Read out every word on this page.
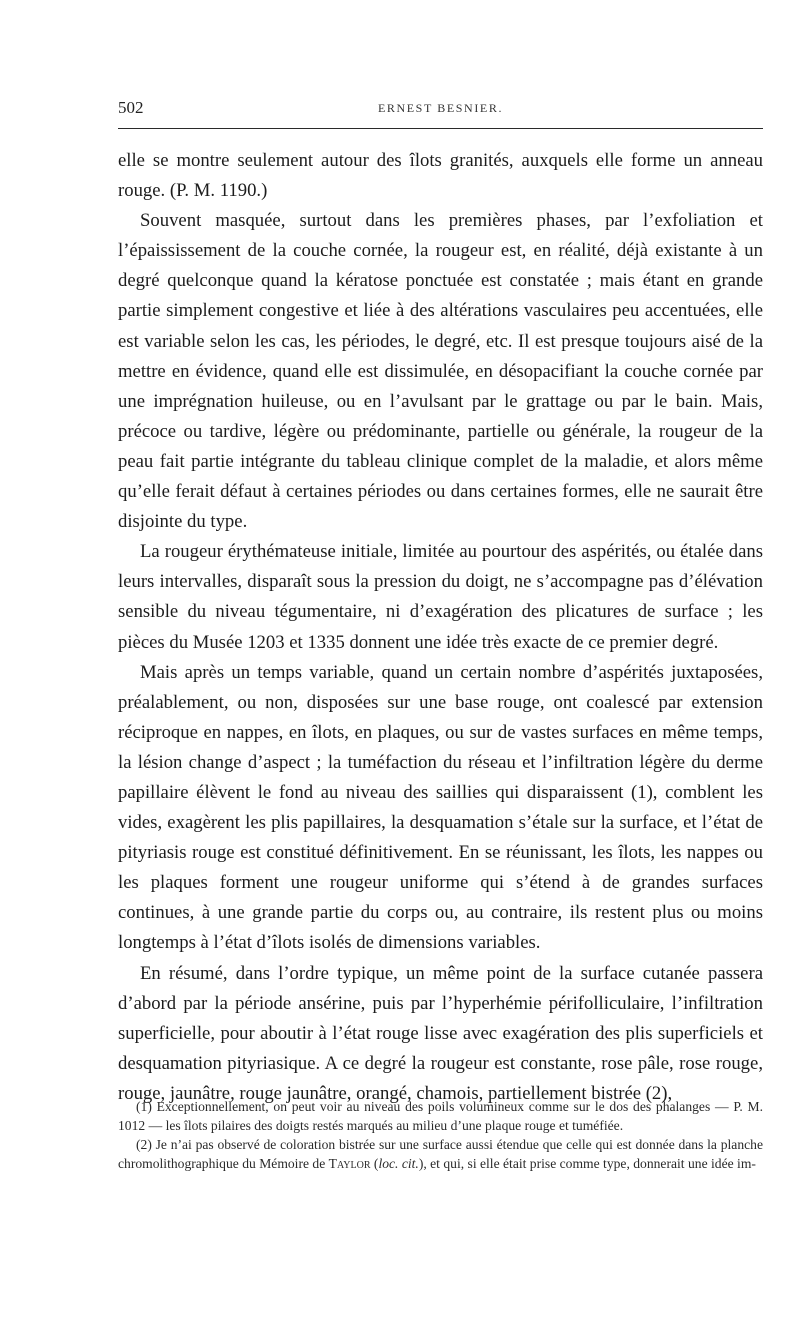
502	ERNEST BESNIER.

elle se montre seulement autour des îlots granités, auxquels elle forme un anneau rouge. (P. M. 1190.)

Souvent masquée, surtout dans les premières phases, par l’exfoliation et l’épaississement de la couche cornée, la rougeur est, en réalité, déjà existante à un degré quelconque quand la kératose ponctuée est constatée ; mais étant en grande partie simplement congestive et liée à des altérations vasculaires peu accentuées, elle est variable selon les cas, les périodes, le degré, etc. Il est presque toujours aisé de la mettre en évidence, quand elle est dissimulée, en désopacifiant la couche cornée par une imprégnation huileuse, ou en l’avulsant par le grattage ou par le bain. Mais, précoce ou tardive, légère ou prédominante, partielle ou générale, la rougeur de la peau fait partie intégrante du tableau clinique complet de la maladie, et alors même qu’elle ferait défaut à certaines périodes ou dans certaines formes, elle ne saurait être disjointe du type.

La rougeur érythémateuse initiale, limitée au pourtour des aspérités, ou étalée dans leurs intervalles, disparaît sous la pression du doigt, ne s’accompagne pas d’élévation sensible du niveau tégumentaire, ni d’exagération des plicatures de surface ; les pièces du Musée 1203 et 1335 donnent une idée très exacte de ce premier degré.

Mais après un temps variable, quand un certain nombre d’aspérités juxtaposées, préalablement, ou non, disposées sur une base rouge, ont coalescé par extension réciproque en nappes, en îlots, en plaques, ou sur de vastes surfaces en même temps, la lésion change d’aspect ; la tuméfaction du réseau et l’infiltration légère du derme papillaire élèvent le fond au niveau des saillies qui disparaissent (1), comblent les vides, exagèrent les plis papillaires, la desquamation s’étale sur la surface, et l’état de pityriasis rouge est constitué définitivement. En se réunissant, les îlots, les nappes ou les plaques forment une rougeur uniforme qui s’étend à de grandes surfaces continues, à une grande partie du corps ou, au contraire, ils restent plus ou moins longtemps à l’état d’îlots isolés de dimensions variables.

En résumé, dans l’ordre typique, un même point de la surface cutanée passera d’abord par la période ansérine, puis par l’hyperhémie périfolliculaire, l’infiltration superficielle, pour aboutir à l’état rouge lisse avec exagération des plis superficiels et desquamation pityriasique. A ce degré la rougeur est constante, rose pâle, rose rouge, rouge, jaunâtre, rouge jaunâtre, orangé, chamois, partiellement bistrée (2),

(1) Exceptionnellement, on peut voir au niveau des poils volumineux comme sur le dos des phalanges — P. M. 1012 — les îlots pilaires des doigts restés marqués au milieu d’une plaque rouge et tuméfiée.

(2) Je n’ai pas observé de coloration bistrée sur une surface aussi étendue que celle qui est donnée dans la planche chromolithographique du Mémoire de Taylor (loc. cit.), et qui, si elle était prise comme type, donnerait une idée im-
